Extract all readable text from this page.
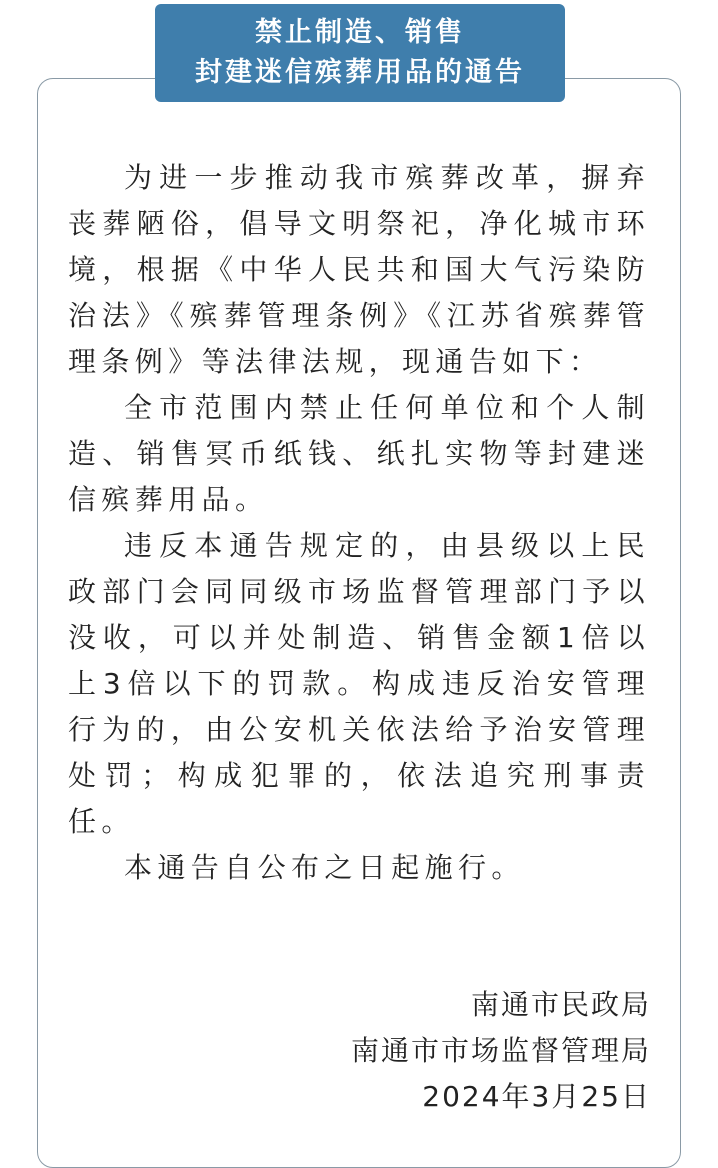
禁止制造、销售
封建迷信殡葬用品的通告

为进一步推动我市殡葬改革，摒弃丧葬陋俗，倡导文明祭祀，净化城市环境，根据《中华人民共和国大气污染防治法》《殡葬管理条例》《江苏省殡葬管理条例》等法律法规，现通告如下：

全市范围内禁止任何单位和个人制造、销售冥币纸钱、纸扎实物等封建迷信殡葬用品。

违反本通告规定的，由县级以上民政部门会同同级市场监督管理部门予以没收，可以并处制造、销售金额1倍以上3倍以下的罚款。构成违反治安管理行为的，由公安机关依法给予治安管理处罚；构成犯罪的，依法追究刑事责任。

本通告自公布之日起施行。

南通市民政局
南通市市场监督管理局
2024年3月25日
